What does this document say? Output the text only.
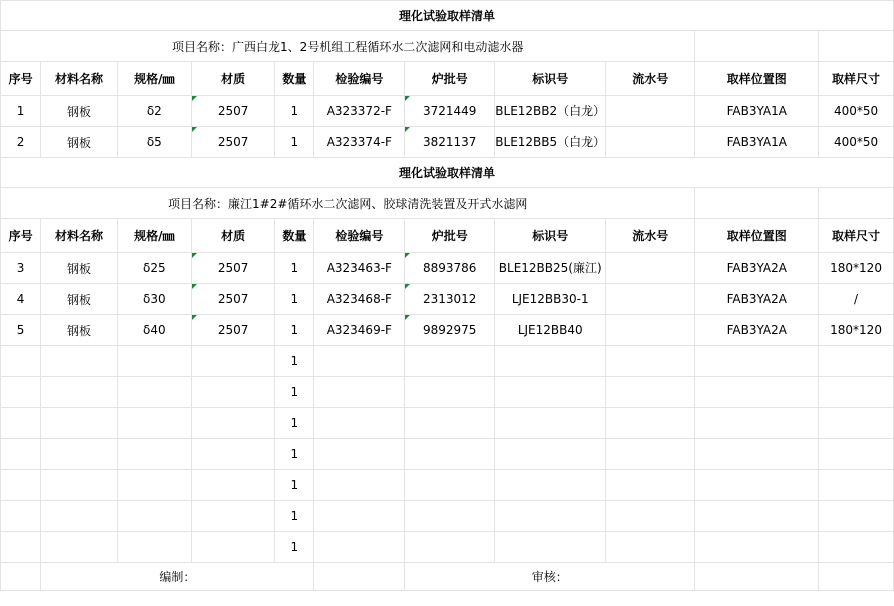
理化试验取样清单										
项目名称：广西白龙1、2号机组工程循环水二次滤网和电动滤水器										
序号	材料名称	规格/㎜	材质	数量	检验编号	炉批号	标识号	流水号	取样位置图	取样尺寸
1	钢板	δ2	2507	1	A323372-F	3721449	BLE12BB2（白龙）		FAB3YA1A	400*50
2	钢板	δ5	2507	1	A323374-F	3821137	BLE12BB5（白龙）		FAB3YA1A	400*50
理化试验取样清单										
项目名称：廉江1#2#循环水二次滤网、胶球清洗装置及开式水滤网										
序号	材料名称	规格/㎜	材质	数量	检验编号	炉批号	标识号	流水号	取样位置图	取样尺寸
3	钢板	δ25	2507	1	A323463-F	8893786	BLE12BB25(廉江)		FAB3YA2A	180*120
4	钢板	δ30	2507	1	A323468-F	2313012	LJE12BB30-1		FAB3YA2A	/
5	钢板	δ40	2507	1	A323469-F	9892975	LJE12BB40		FAB3YA2A	180*120
				1						
				1						
				1						
				1						
				1						
				1						
				1						
	编制：					审核：				
